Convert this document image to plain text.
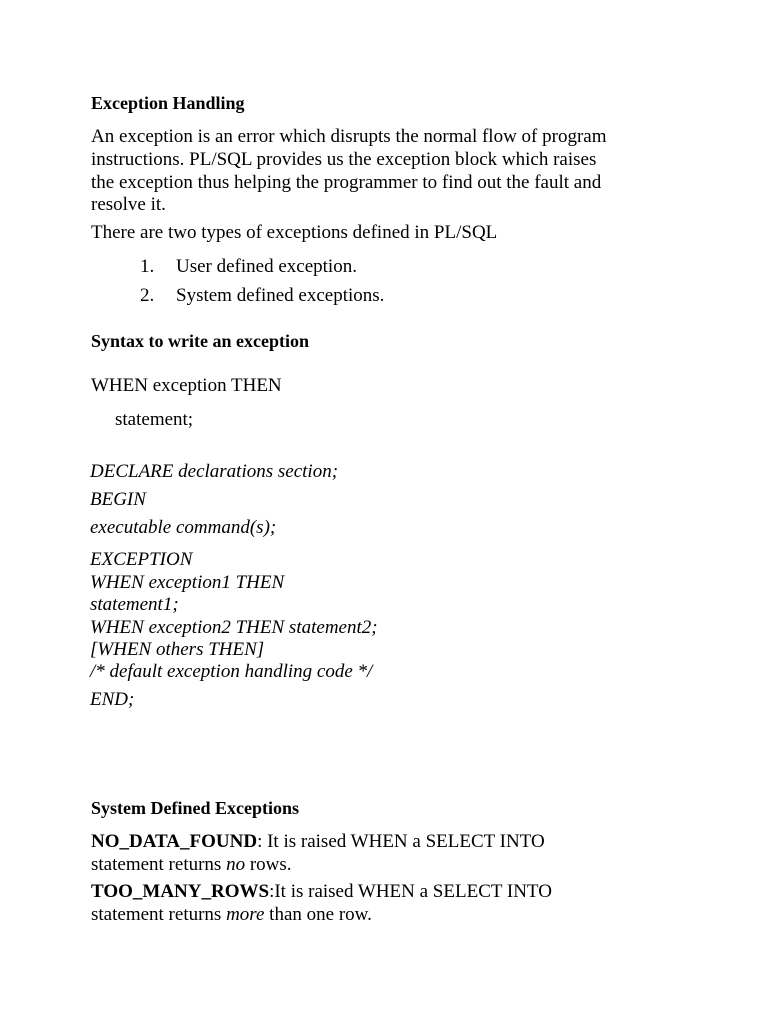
Exception Handling
An exception is an error which disrupts the normal flow of program
instructions. PL/SQL provides us the exception block which raises
the exception thus helping the programmer to find out the fault and
resolve it.
There are two types of exceptions defined in PL/SQL
1. User defined exception.
2. System defined exceptions.
Syntax to write an exception
WHEN exception THEN
statement;
DECLARE declarations section;
BEGIN
executable command(s);
EXCEPTION
WHEN exception1 THEN
statement1;
WHEN exception2 THEN statement2;
[WHEN others THEN]
/* default exception handling code */
END;
System Defined Exceptions
NO_DATA_FOUND: It is raised WHEN a SELECT INTO
statement returns no rows.
TOO_MANY_ROWS:It is raised WHEN a SELECT INTO
statement returns more than one row.
